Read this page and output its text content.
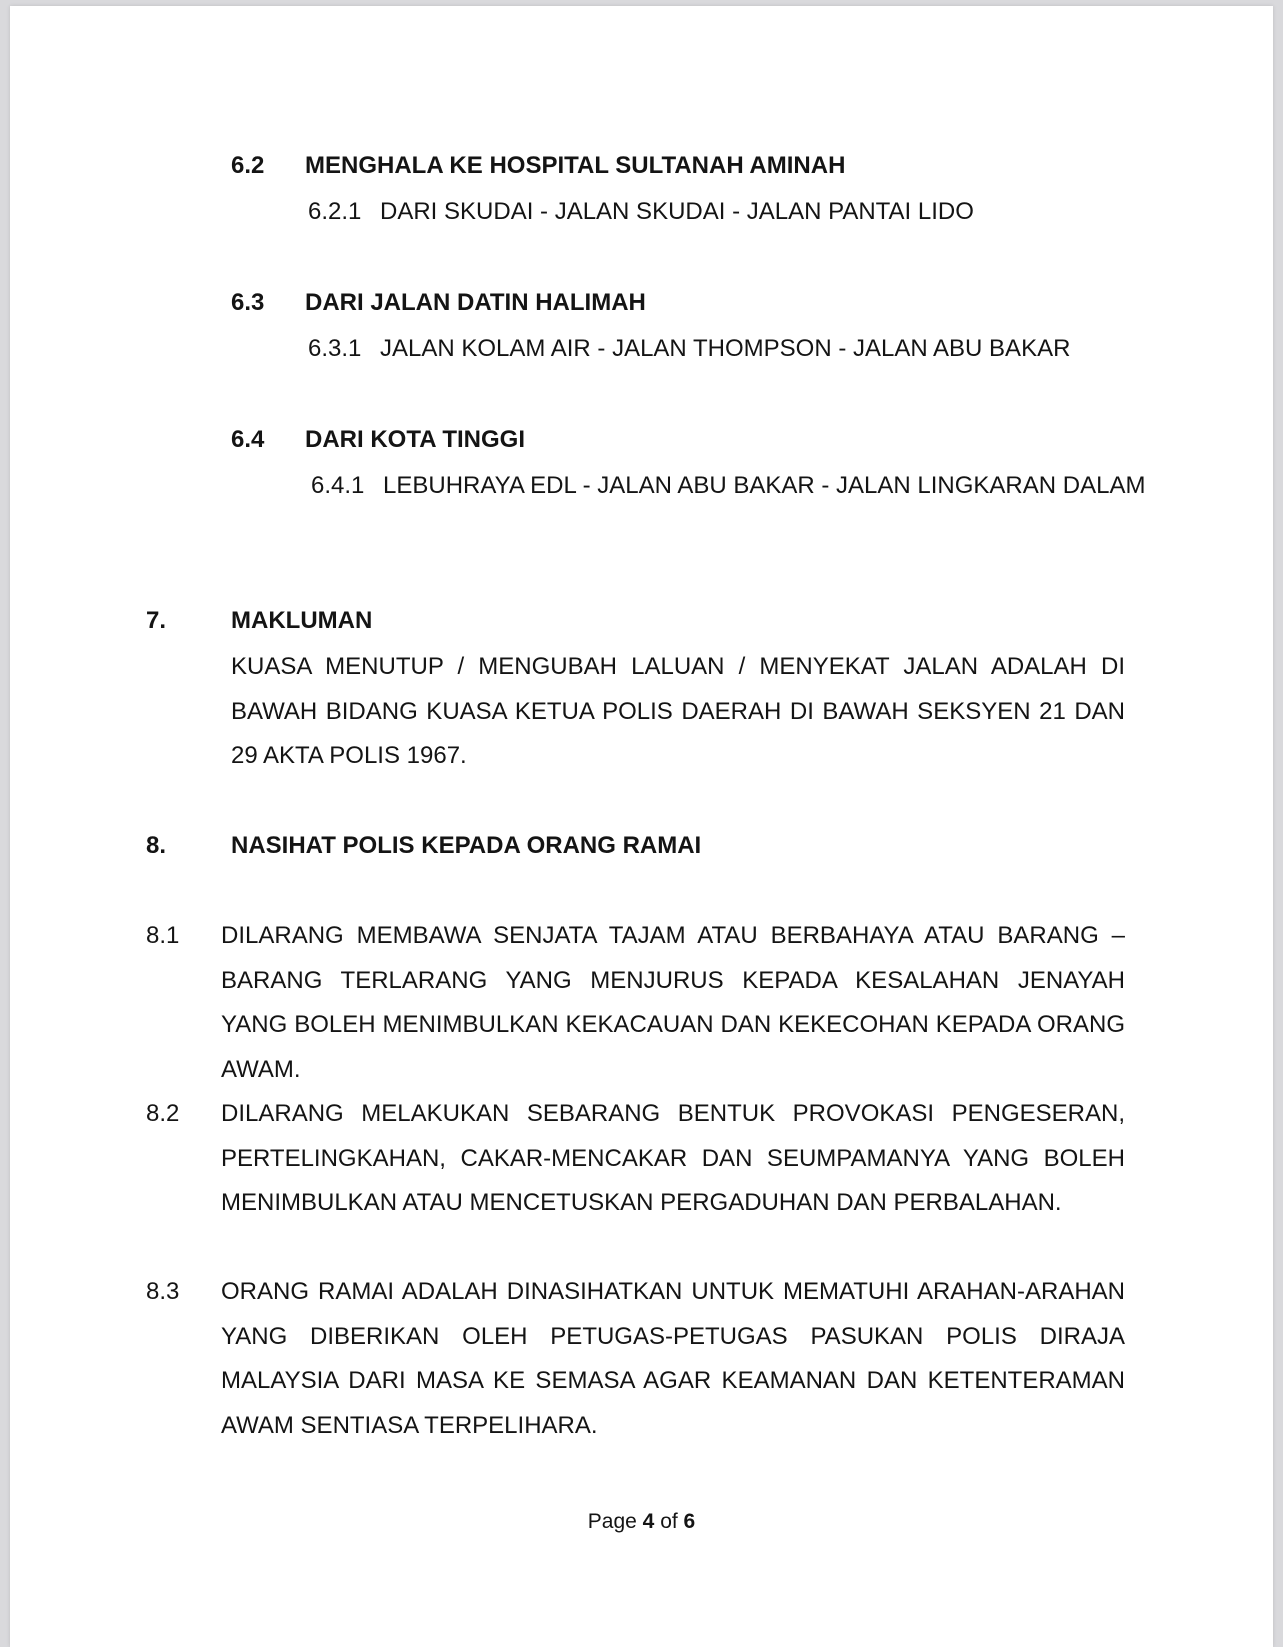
6.2 MENGHALA KE HOSPITAL SULTANAH AMINAH
6.2.1 DARI SKUDAI - JALAN SKUDAI - JALAN PANTAI LIDO
6.3 DARI JALAN DATIN HALIMAH
6.3.1 JALAN KOLAM AIR - JALAN THOMPSON - JALAN ABU BAKAR
6.4 DARI KOTA TINGGI
6.4.1 LEBUHRAYA EDL - JALAN ABU BAKAR - JALAN LINGKARAN DALAM
7.	MAKLUMAN
KUASA MENUTUP / MENGUBAH LALUAN / MENYEKAT JALAN ADALAH DI BAWAH BIDANG KUASA KETUA POLIS DAERAH DI BAWAH SEKSYEN 21 DAN 29 AKTA POLIS 1967.
8.	NASIHAT POLIS KEPADA ORANG RAMAI
8.1 DILARANG MEMBAWA SENJATA TAJAM ATAU BERBAHAYA ATAU BARANG – BARANG TERLARANG YANG MENJURUS KEPADA KESALAHAN JENAYAH YANG BOLEH MENIMBULKAN KEKACAUAN DAN KEKECOHAN KEPADA ORANG AWAM.
8.2 DILARANG MELAKUKAN SEBARANG BENTUK PROVOKASI PENGESERAN, PERTELINGKAHAN, CAKAR-MENCAKAR DAN SEUMPAMANYA YANG BOLEH MENIMBULKAN ATAU MENCETUSKAN PERGADUHAN DAN PERBALAHAN.
8.3 ORANG RAMAI ADALAH DINASIHATKAN UNTUK MEMATUHI ARAHAN-ARAHAN YANG DIBERIKAN OLEH PETUGAS-PETUGAS PASUKAN POLIS DIRAJA MALAYSIA DARI MASA KE SEMASA AGAR KEAMANAN DAN KETENTERAMAN AWAM SENTIASA TERPELIHARA.
Page 4 of 6
